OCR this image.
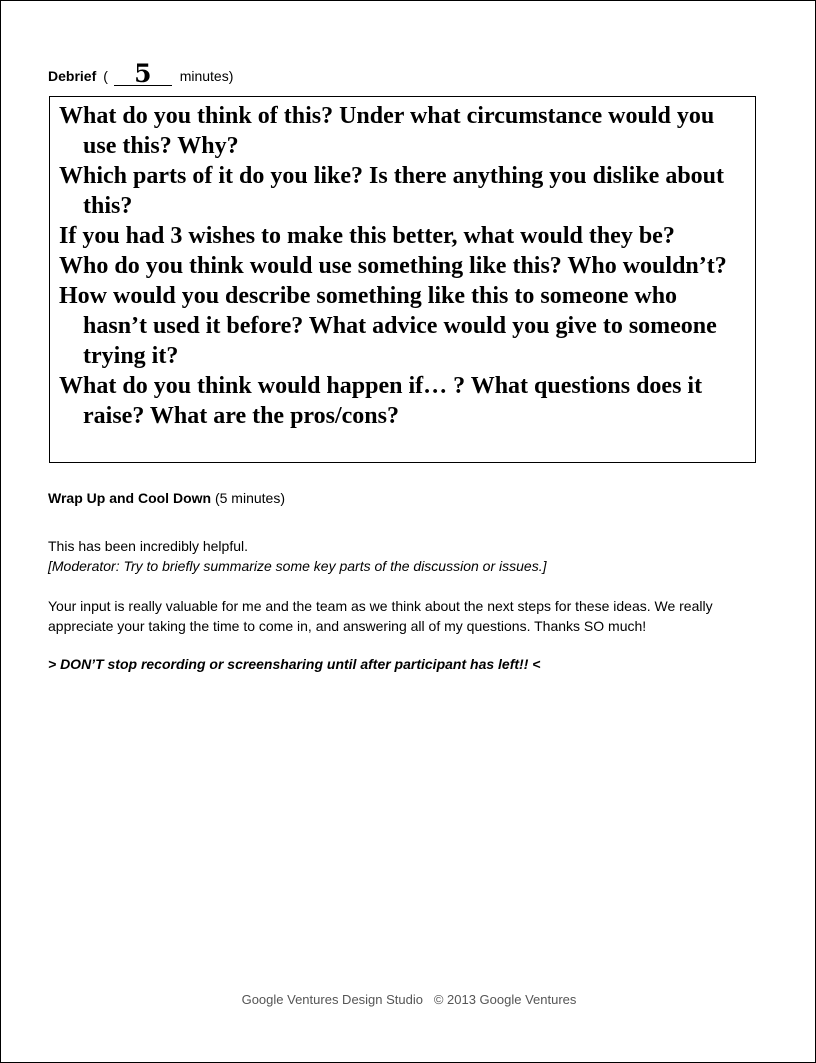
Debrief ( 5 minutes)

What do you think of this? Under what circumstance would you use this? Why?

Which parts of it do you like? Is there anything you dislike about this?

If you had 3 wishes to make this better, what would they be?

Who do you think would use something like this? Who wouldn’t?

How would you describe something like this to someone who hasn’t used it before? What advice would you give to someone trying it?

What do you think would happen if… ? What questions does it raise? What are the pros/cons?

Wrap Up and Cool Down (5 minutes)
This has been incredibly helpful.
[Moderator: Try to briefly summarize some key parts of the discussion or issues.]
Your input is really valuable for me and the team as we think about the next steps for these ideas. We really appreciate your taking the time to come in, and answering all of my questions. Thanks SO much!
> DON’T stop recording or screensharing until after participant has left!! <
Google Ventures Design Studio   © 2013 Google Ventures
